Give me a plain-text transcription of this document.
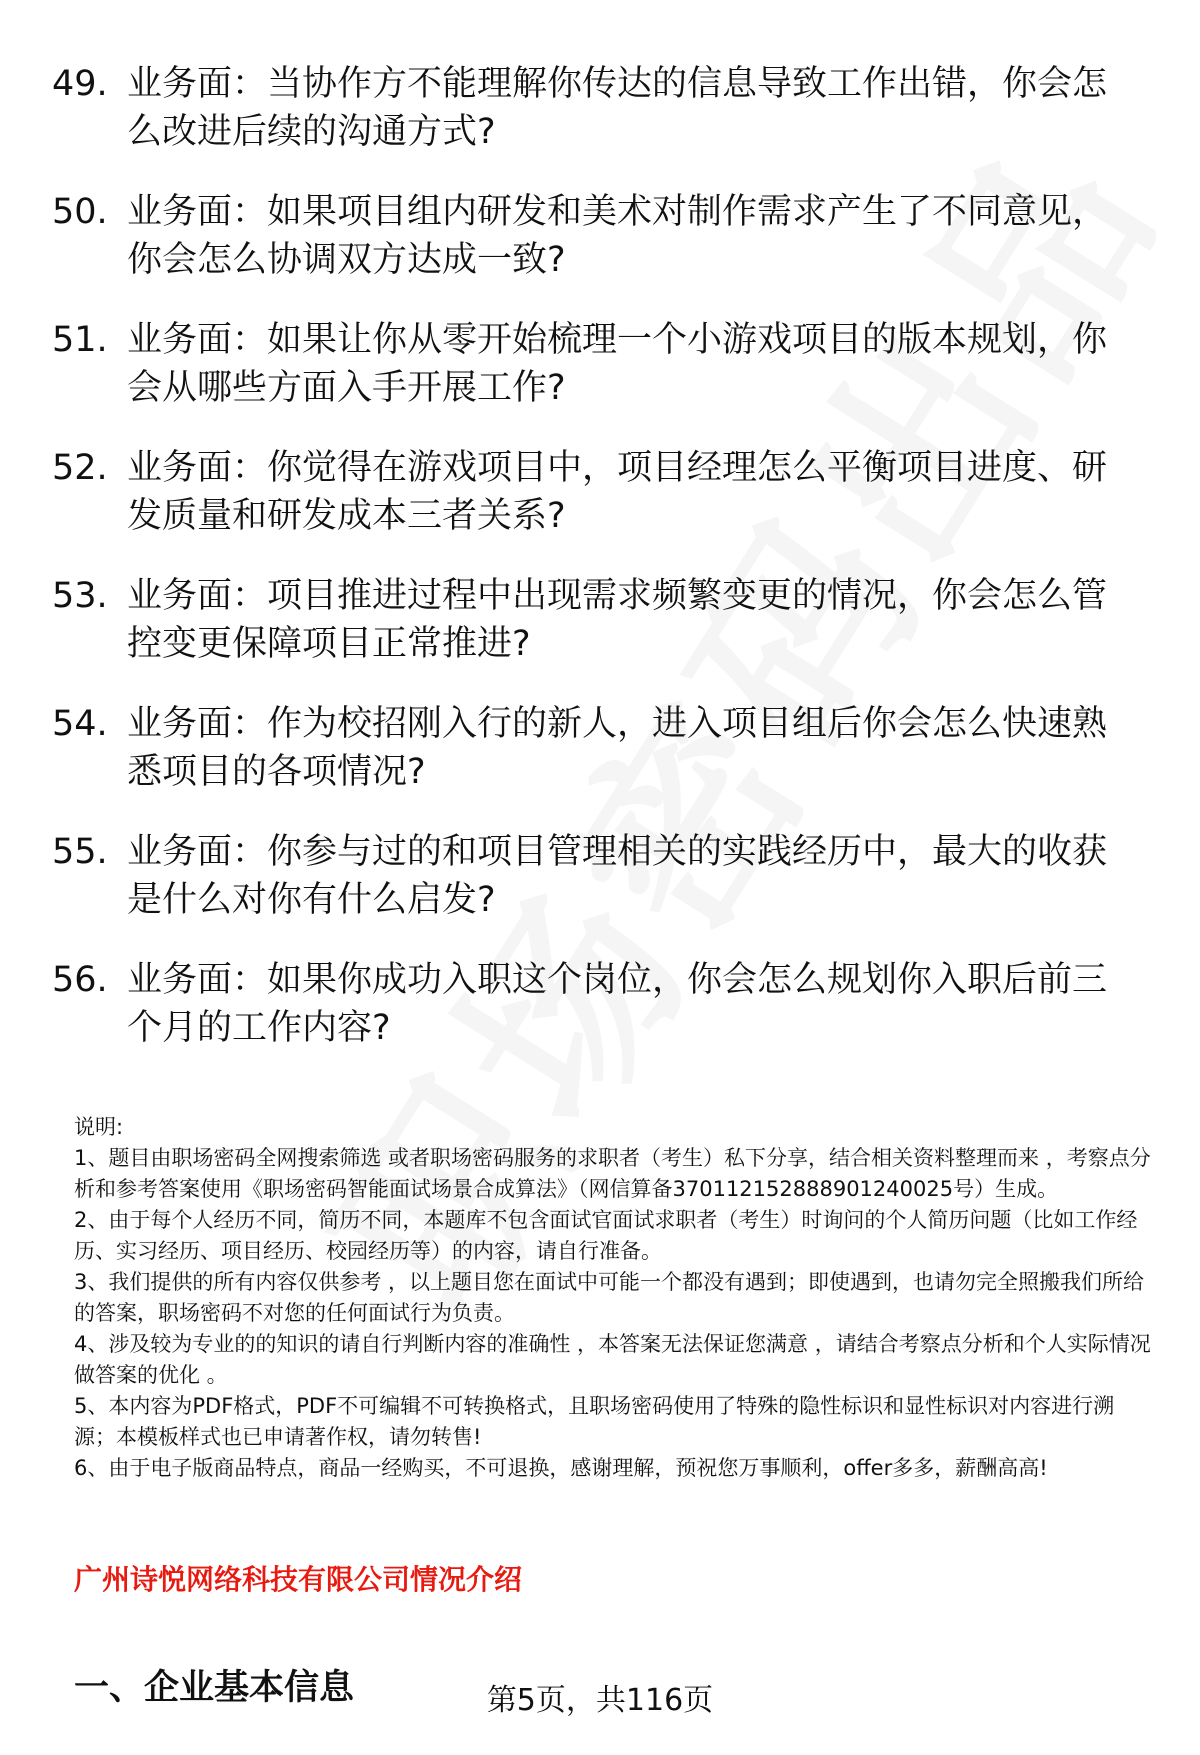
49. 业务面：当协作方不能理解你传达的信息导致工作出错，你会怎么改进后续的沟通方式?
50. 业务面：如果项目组内研发和美术对制作需求产生了不同意见，你会怎么协调双方达成一致?
51. 业务面：如果让你从零开始梳理一个小游戏项目的版本规划，你会从哪些方面入手开展工作?
52. 业务面：你觉得在游戏项目中，项目经理怎么平衡项目进度、研发质量和研发成本三者关系?
53. 业务面：项目推进过程中出现需求频繁变更的情况，你会怎么管控变更保障项目正常推进?
54. 业务面：作为校招刚入行的新人，进入项目组后你会怎么快速熟悉项目的各项情况?
55. 业务面：你参与过的和项目管理相关的实践经历中，最大的收获是什么对你有什么启发?
56. 业务面：如果你成功入职这个岗位，你会怎么规划你入职后前三个月的工作内容?

说明:

1、题目由职场密码全网搜索筛选 或者职场密码服务的求职者（考生）私下分享，结合相关资料整理而来 ，考察点分析和参考答案使用《职场密码智能面试场景合成算法》（网信算备37011215288890124002​5号）生成。

2、由于每个人经历不同，简历不同，本题库不包含面试官面试求职者（考生）时询问的个人简历问题（比如工作经历、实习经历、项目经历、校园经历等）的内容，请自行准备。

3、我们提供的所有内容仅供参考 ，以上题目您在面试中可能一个都没有遇到；即使遇到，也请勿完全照搬我们所给的答案，职场密码不对您的任何面试行为负责。

4、涉及较为专业的的知识的请自行判断内容的准确性 ，本答案无法保证您满意 ，请结合考察点分析和个人实际情况做答案的优化 。

5、本内容为PDF格式，PDF不可编辑不可转换格式，且职场密码使用了特殊的隐性标识和显性标识对内容进行溯源；本模板样式也已申请著作权，请勿转售!

6、由于电子版商品特点，商品一经购买，不可退换，感谢理解，预祝您万事顺利，offer多多，薪酬高高!

广州诗悦网络科技有限公司情况介绍
一、企业基本信息	第5页，共116页
